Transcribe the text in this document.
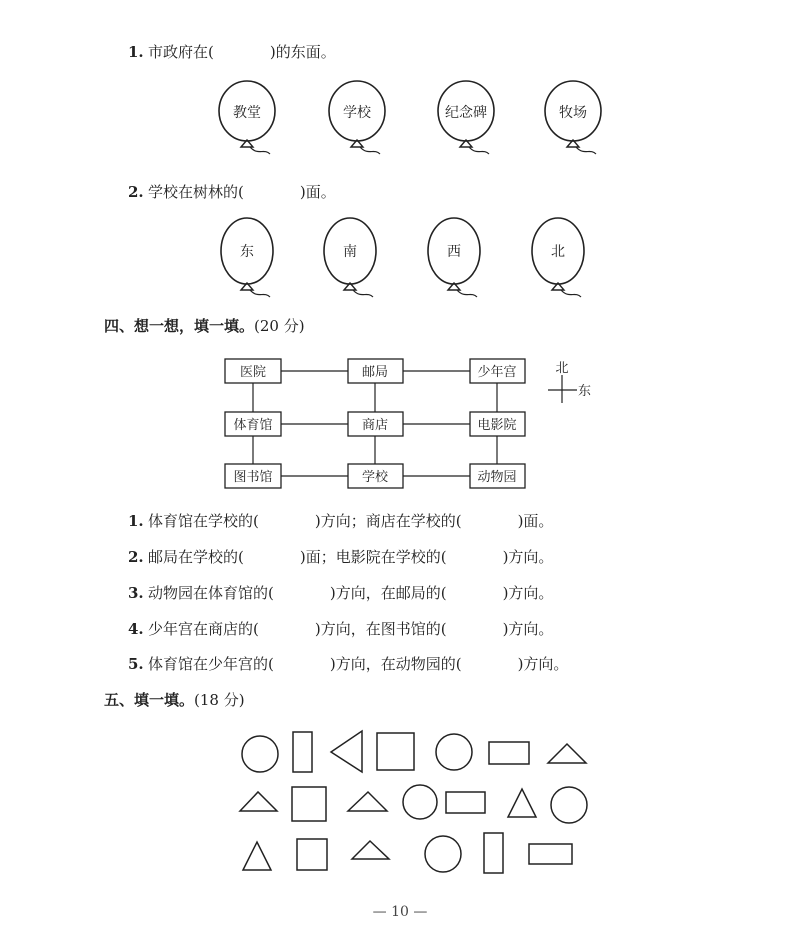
1. 市政府在(	)的东面。
教堂	学校	纪念碑	牧场
2. 学校在树林的(	)面。
东	南	西	北
四、想一想，填一填。(20 分)
医院	邮局	少年宫
体育馆	商店	电影院
图书馆	学校	动物园
北
东
1. 体育馆在学校的(	)方向；商店在学校的(	)面。
2. 邮局在学校的(	)面；电影院在学校的(	)方向。
3. 动物园在体育馆的(	)方向，在邮局的(	)方向。
4. 少年宫在商店的(	)方向，在图书馆的(	)方向。
5. 体育馆在少年宫的(	)方向，在动物园的(	)方向。
五、填一填。(18 分)
— 10 —
